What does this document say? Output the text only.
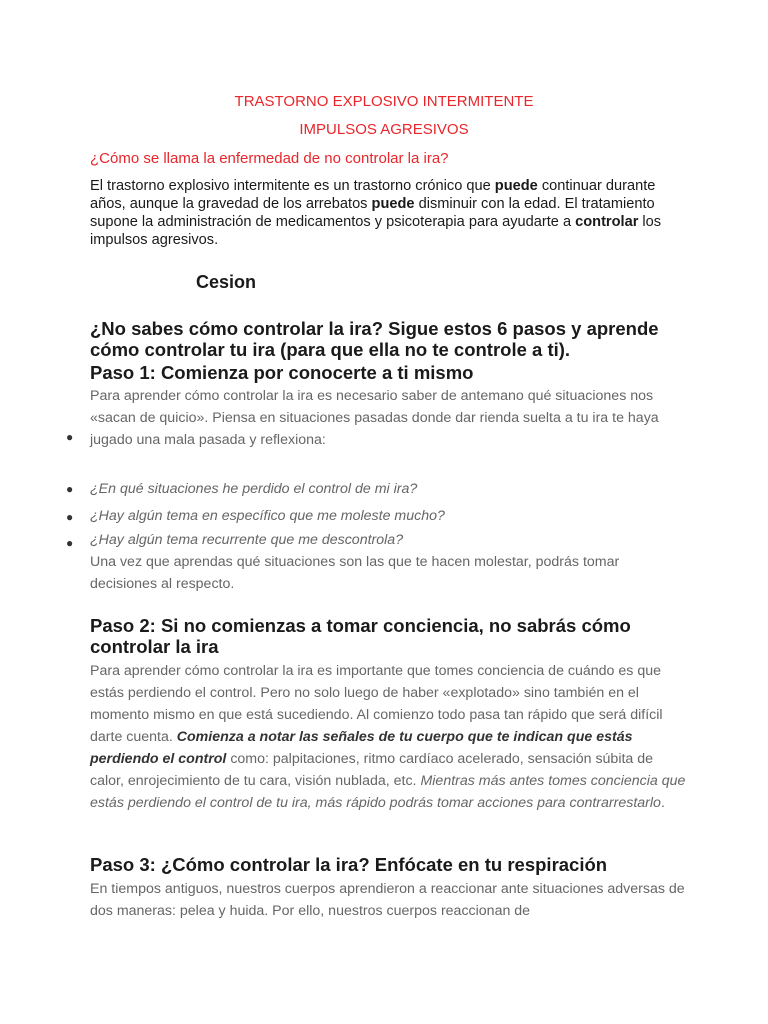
TRASTORNO EXPLOSIVO INTERMITENTE
IMPULSOS AGRESIVOS
¿Cómo se llama la enfermedad de no controlar la ira?
El trastorno explosivo intermitente es un trastorno crónico que puede continuar durante años, aunque la gravedad de los arrebatos puede disminuir con la edad. El tratamiento supone la administración de medicamentos y psicoterapia para ayudarte a controlar los impulsos agresivos.
Cesion
¿No sabes cómo controlar la ira? Sigue estos 6 pasos y aprende cómo controlar tu ira (para que ella no te controle a ti).
Paso 1: Comienza por conocerte a ti mismo
Para aprender cómo controlar la ira es necesario saber de antemano qué situaciones nos «sacan de quicio». Piensa en situaciones pasadas donde dar rienda suelta a tu ira te haya jugado una mala pasada y reflexiona:
●
● ¿En qué situaciones he perdido el control de mi ira?
● ¿Hay algún tema en específico que me moleste mucho?
● ¿Hay algún tema recurrente que me descontrola?
Una vez que aprendas qué situaciones son las que te hacen molestar, podrás tomar decisiones al respecto.
Paso 2: Si no comienzas a tomar conciencia, no sabrás cómo controlar la ira
Para aprender cómo controlar la ira es importante que tomes conciencia de cuándo es que estás perdiendo el control. Pero no solo luego de haber «explotado» sino también en el momento mismo en que está sucediendo. Al comienzo todo pasa tan rápido que será difícil darte cuenta. Comienza a notar las señales de tu cuerpo que te indican que estás perdiendo el control como: palpitaciones, ritmo cardíaco acelerado, sensación súbita de calor, enrojecimiento de tu cara, visión nublada, etc. Mientras más antes tomes conciencia que estás perdiendo el control de tu ira, más rápido podrás tomar acciones para contrarrestarlo.
Paso 3: ¿Cómo controlar la ira? Enfócate en tu respiración
En tiempos antiguos, nuestros cuerpos aprendieron a reaccionar ante situaciones adversas de dos maneras: pelea y huida. Por ello, nuestros cuerpos reaccionan de
